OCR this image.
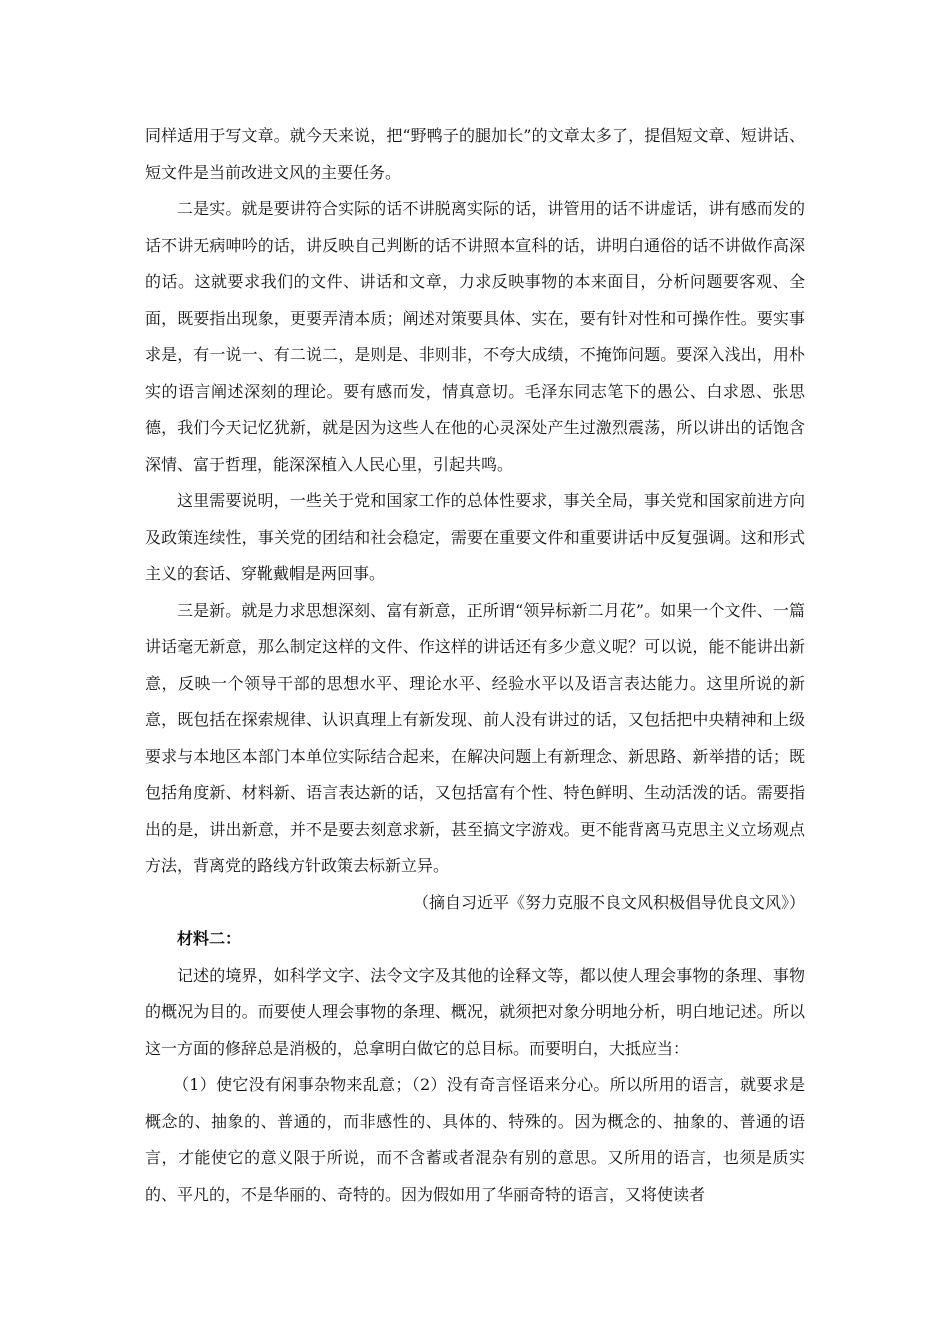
同样适用于写文章。就今天来说，把“野鸭子的腿加长”的文章太多了，提倡短文章、短讲话、短文件是当前改进文风的主要任务。

二是实。就是要讲符合实际的话不讲脱离实际的话，讲管用的话不讲虚话，讲有感而发的话不讲无病呻吟的话，讲反映自己判断的话不讲照本宣科的话，讲明白通俗的话不讲做作高深的话。这就要求我们的文件、讲话和文章，力求反映事物的本来面目，分析问题要客观、全面，既要指出现象，更要弄清本质；阐述对策要具体、实在，要有针对性和可操作性。要实事求是，有一说一、有二说二，是则是、非则非，不夸大成绩，不掩饰问题。要深入浅出，用朴实的语言阐述深刻的理论。要有感而发，情真意切。毛泽东同志笔下的愚公、白求恩、张思德，我们今天记忆犹新，就是因为这些人在他的心灵深处产生过激烈震荡，所以讲出的话饱含深情、富于哲理，能深深植入人民心里，引起共鸣。

这里需要说明，一些关于党和国家工作的总体性要求，事关全局，事关党和国家前进方向及政策连续性，事关党的团结和社会稳定，需要在重要文件和重要讲话中反复强调。这和形式主义的套话、穿靴戴帽是两回事。

三是新。就是力求思想深刻、富有新意，正所谓“领异标新二月花”。如果一个文件、一篇讲话毫无新意，那么制定这样的文件、作这样的讲话还有多少意义呢？可以说，能不能讲出新意，反映一个领导干部的思想水平、理论水平、经验水平以及语言表达能力。这里所说的新意，既包括在探索规律、认识真理上有新发现、前人没有讲过的话，又包括把中央精神和上级要求与本地区本部门本单位实际结合起来，在解决问题上有新理念、新思路、新举措的话；既包括角度新、材料新、语言表达新的话，又包括富有个性、特色鲜明、生动活泼的话。需要指出的是，讲出新意，并不是要去刻意求新，甚至搞文字游戏。更不能背离马克思主义立场观点方法，背离党的路线方针政策去标新立异。

（摘自习近平《努力克服不良文风积极倡导优良文风》）

材料二：

记述的境界，如科学文字、法令文字及其他的诠释文等，都以使人理会事物的条理、事物的概况为目的。而要使人理会事物的条理、概况，就须把对象分明地分析，明白地记述。所以这一方面的修辞总是消极的，总拿明白做它的总目标。而要明白，大抵应当：

（1）使它没有闲事杂物来乱意；（2）没有奇言怪语来分心。所以所用的语言，就要求是概念的、抽象的、普通的，而非感性的、具体的、特殊的。因为概念的、抽象的、普通的语言，才能使它的意义限于所说，而不含蓄或者混杂有别的意思。又所用的语言，也须是质实的、平凡的，不是华丽的、奇特的。因为假如用了华丽奇特的语言，又将使读者
